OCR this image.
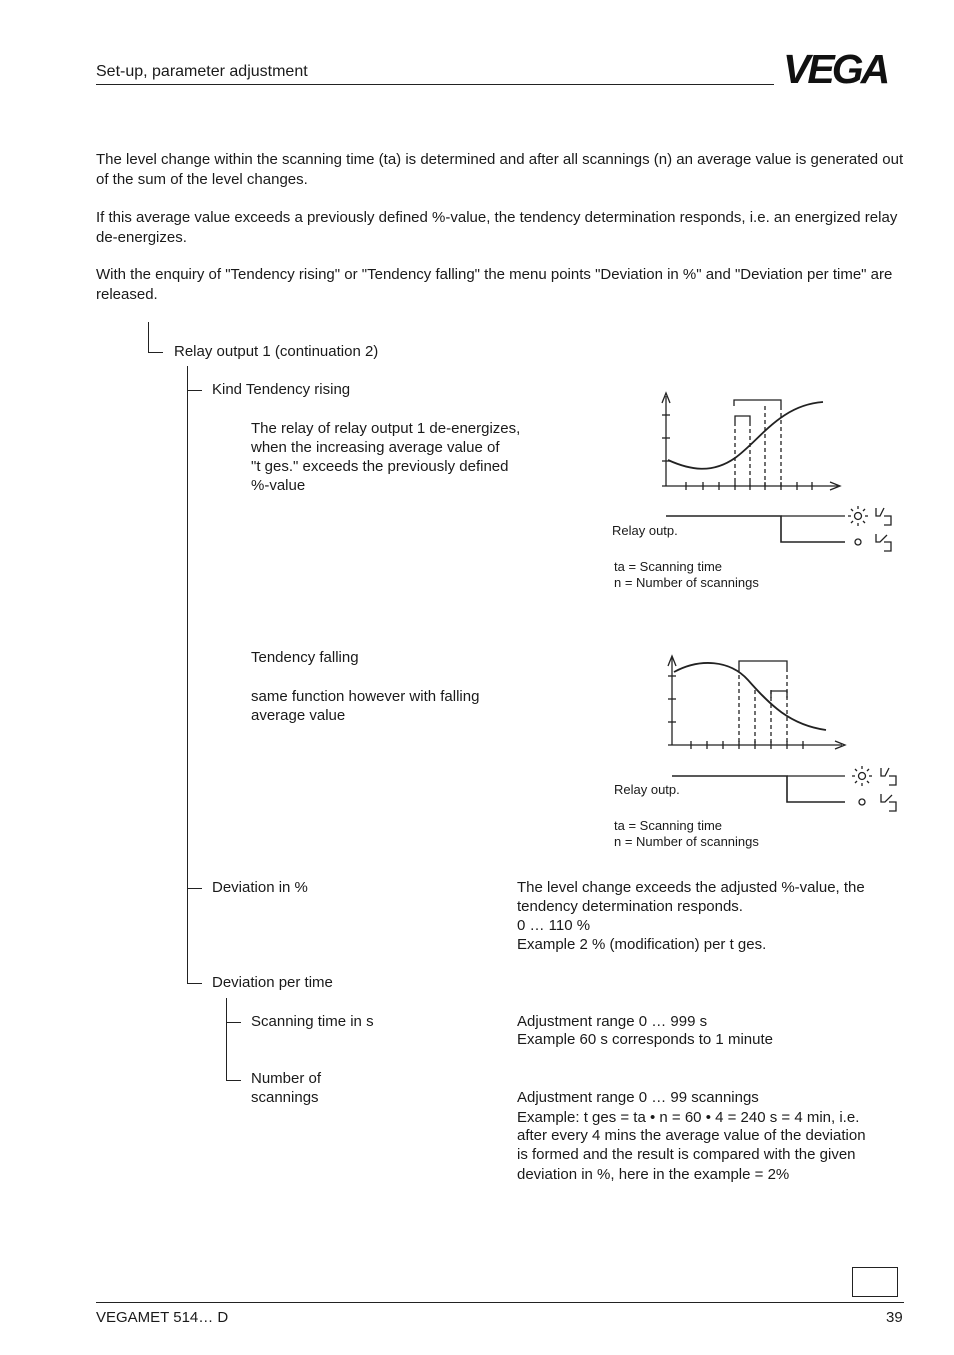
Set-up, parameter adjustment	VEGA
The level change within the scanning time (ta) is determined and after all scannings (n) an average value is generated out of the sum of the level changes.
If this average value exceeds a previously defined %-value, the tendency determination responds, i.e. an energized relay de-energizes.
With the enquiry of "Tendency rising" or "Tendency falling" the menu points "Deviation in %" and "Deviation per time" are released.
Relay output 1 (continuation 2)
Kind Tendency rising
The relay of relay output 1 de-energizes,
when the increasing average value of
"t ges." exceeds the previously defined
%-value
Tendency falling
same function however with falling
average value
Deviation in %
Deviation per time
Scanning time in s
Number of
scannings
Relay outp.
ta = Scanning time
n = Number of scannings
Relay outp.
ta = Scanning time
n = Number of scannings
The level change exceeds the adjusted %-value, the
tendency determination responds.
0 … 110 %
Example 2 % (modification) per t ges.
Adjustment range 0 … 999 s
Example 60 s corresponds to 1 minute
Adjustment range 0 … 99 scannings
Example: t ges = ta • n = 60 • 4 = 240 s = 4 min, i.e.
after every 4 mins the average value of the deviation
is formed and the result is compared with the given
deviation in %, here in the example = 2%
VEGAMET 514… D	39
